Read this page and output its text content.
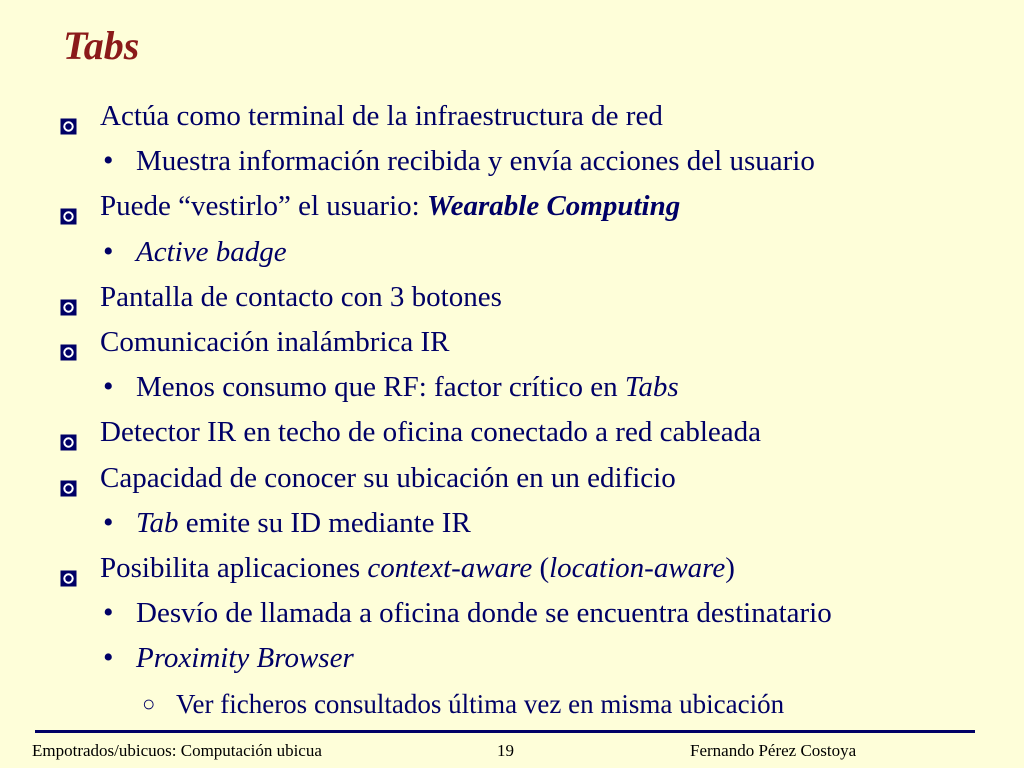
Tabs
Actúa como terminal de la infraestructura de red
• Muestra información recibida y envía acciones del usuario
Puede “vestirlo” el usuario: Wearable Computing
• Active badge
Pantalla de contacto con 3 botones
Comunicación inalámbrica IR
• Menos consumo que RF: factor crítico en Tabs
Detector IR en techo de oficina conectado a red cableada
Capacidad de conocer su ubicación en un edificio
• Tab emite su ID mediante IR
Posibilita aplicaciones context-aware (location-aware)
• Desvío de llamada a oficina donde se encuentra destinatario
• Proximity Browser
○ Ver ficheros consultados última vez en misma ubicación
Empotrados/ubicuos: Computación ubicua	19	Fernando Pérez Costoya
